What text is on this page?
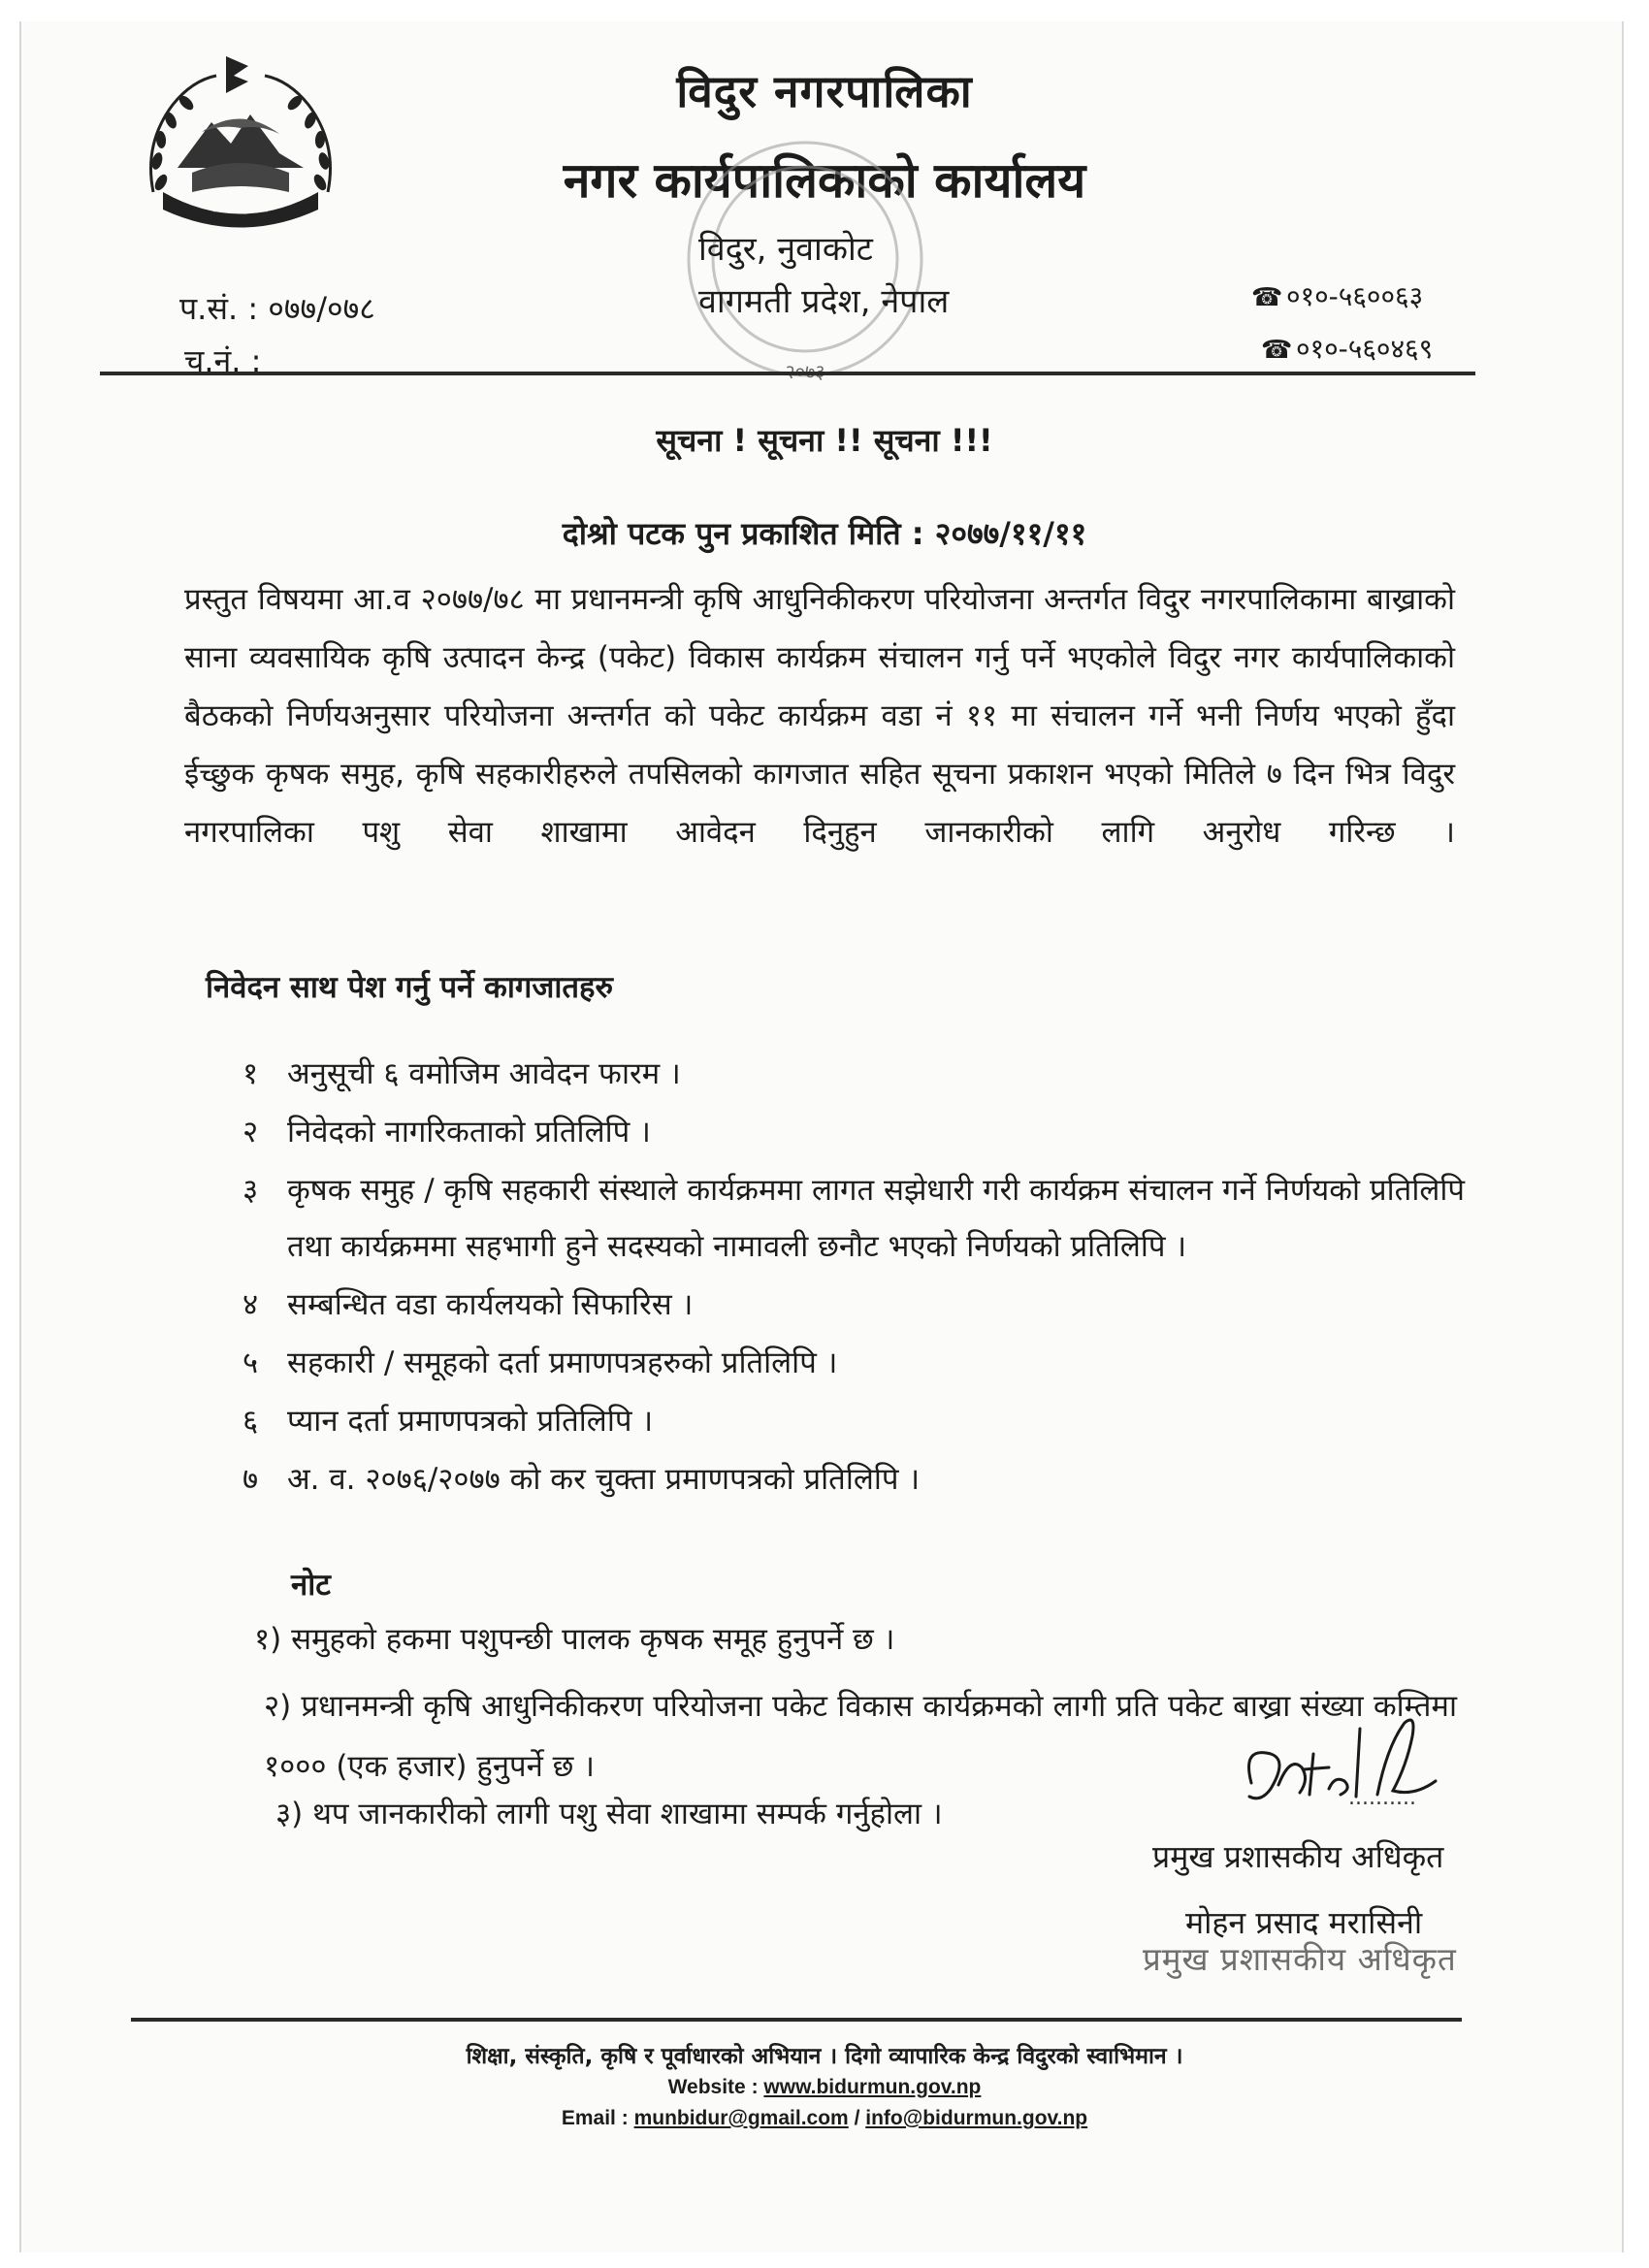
— — — — —
विदुर नगरपालिका
नगर कार्यपालिकाको कार्यालय
२०७३
विदुर, नुवाकोट
वागमती प्रदेश, नेपाल
प.सं. : ०७७/०७८
च.नं. :
☎ ०१०-५६००६३
☎ ०१०-५६०४६९
सूचना ! सूचना !! सूचना !!!
दोश्रो पटक पुन प्रकाशित मिति : २०७७/११/११
प्रस्तुत विषयमा आ.व २०७७/७८ मा प्रधानमन्त्री कृषि आधुनिकीकरण परियोजना अन्तर्गत विदुर नगरपालिकामा बाख्राको साना व्यवसायिक कृषि उत्पादन केन्द्र (पकेट) विकास कार्यक्रम संचालन गर्नु पर्ने भएकोले विदुर नगर कार्यपालिकाको बैठकको निर्णयअनुसार परियोजना अन्तर्गत को पकेट कार्यक्रम वडा नं ११ मा संचालन गर्ने भनी निर्णय भएको हुँदा ईच्छुक कृषक समुह, कृषि सहकारीहरुले तपसिलको कागजात सहित सूचना प्रकाशन भएको मितिले ७ दिन भित्र विदुर नगरपालिका पशु सेवा शाखामा आवेदन दिनुहुन जानकारीको लागि अनुरोध गरिन्छ ।
निवेदन साथ पेश गर्नु पर्ने कागजातहरु
१ अनुसूची ६ वमोजिम आवेदन फारम ।
२ निवेदको नागरिकताको प्रतिलिपि ।
३ कृषक समुह / कृषि सहकारी संस्थाले कार्यक्रममा लागत सझेधारी गरी कार्यक्रम संचालन गर्ने निर्णयको प्रतिलिपि तथा कार्यक्रममा सहभागी हुने सदस्यको नामावली छनौट भएको निर्णयको प्रतिलिपि ।
४ सम्बन्धित वडा कार्यलयको सिफारिस ।
५ सहकारी / समूहको दर्ता प्रमाणपत्रहरुको प्रतिलिपि ।
६ प्यान दर्ता प्रमाणपत्रको प्रतिलिपि ।
७ अ. व. २०७६/२०७७ को कर चुक्ता प्रमाणपत्रको प्रतिलिपि ।
नोट
१) समुहको हकमा पशुपन्छी पालक कृषक समूह हुनुपर्ने छ ।
२) प्रधानमन्त्री कृषि आधुनिकीकरण परियोजना पकेट विकास कार्यक्रमको लागी प्रति पकेट बाख्रा संख्या कम्तिमा १००० (एक हजार) हुनुपर्ने छ ।
३) थप जानकारीको लागी पशु सेवा शाखामा सम्पर्क गर्नुहोला ।	..........
प्रमुख प्रशासकीय अधिकृत
मोहन प्रसाद मरासिनी
प्रमुख प्रशासकीय अधिकृत
शिक्षा, संस्कृति, कृषि र पूर्वाधारको अभियान । दिगो व्यापारिक केन्द्र विदुरको स्वाभिमान ।
Website : www.bidurmun.gov.np
Email : munbidur@gmail.com / info@bidurmun.gov.np
